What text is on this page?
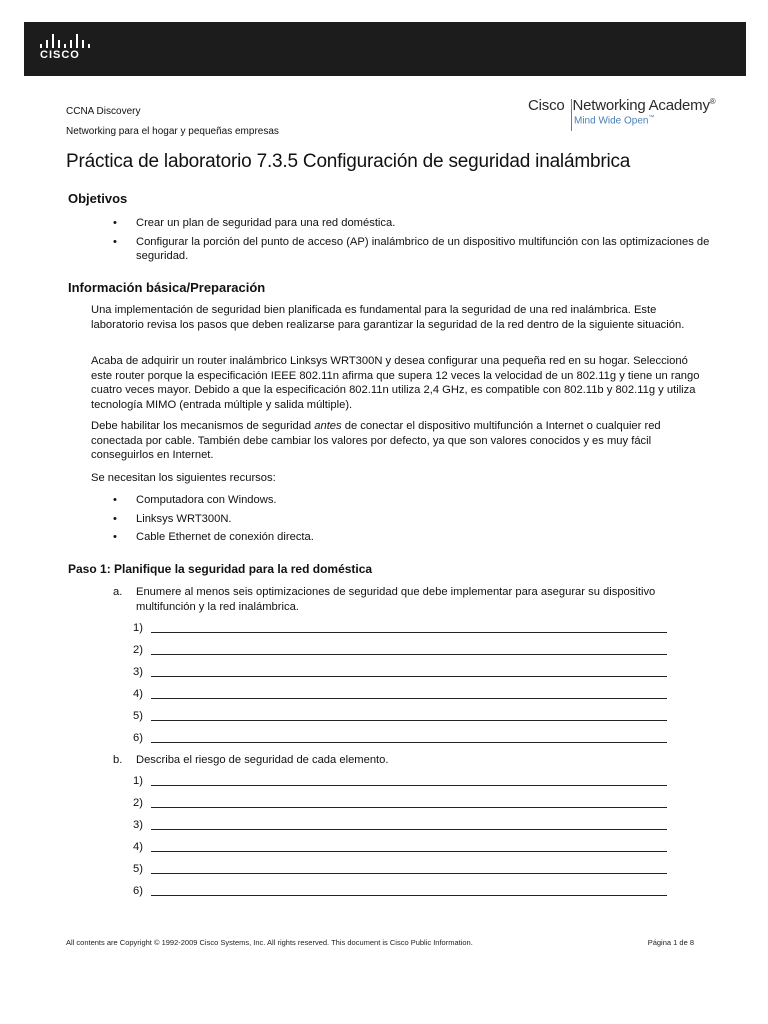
CISCO
CCNA Discovery
Networking para el hogar y pequeñas empresas
Cisco Networking Academy®
Mind Wide Open™
Práctica de laboratorio 7.3.5 Configuración de seguridad inalámbrica
Objetivos
• Crear un plan de seguridad para una red doméstica.
• Configurar la porción del punto de acceso (AP) inalámbrico de un dispositivo multifunción con las optimizaciones de seguridad.
Información básica/Preparación
Una implementación de seguridad bien planificada es fundamental para la seguridad de una red inalámbrica. Este laboratorio revisa los pasos que deben realizarse para garantizar la seguridad de la red dentro de la siguiente situación.
Acaba de adquirir un router inalámbrico Linksys WRT300N y desea configurar una pequeña red en su hogar. Seleccionó este router porque la especificación IEEE 802.11n afirma que supera 12 veces la velocidad de un 802.11g y tiene un rango cuatro veces mayor. Debido a que la especificación 802.11n utiliza 2,4 GHz, es compatible con 802.11b y 802.11g y utiliza tecnología MIMO (entrada múltiple y salida múltiple).
Debe habilitar los mecanismos de seguridad antes de conectar el dispositivo multifunción a Internet o cualquier red conectada por cable. También debe cambiar los valores por defecto, ya que son valores conocidos y es muy fácil conseguirlos en Internet.
Se necesitan los siguientes recursos:
• Computadora con Windows.
• Linksys WRT300N.
• Cable Ethernet de conexión directa.
Paso 1: Planifique la seguridad para la red doméstica
a.	Enumere al menos seis optimizaciones de seguridad que debe implementar para asegurar su dispositivo multifunción y la red inalámbrica.
1)
2)
3)
4)
5)
6)
b.	Describa el riesgo de seguridad de cada elemento.
1)
2)
3)
4)
5)
6)
All contents are Copyright © 1992-2009 Cisco Systems, Inc. All rights reserved. This document is Cisco Public Information.	Página 1 de 8
